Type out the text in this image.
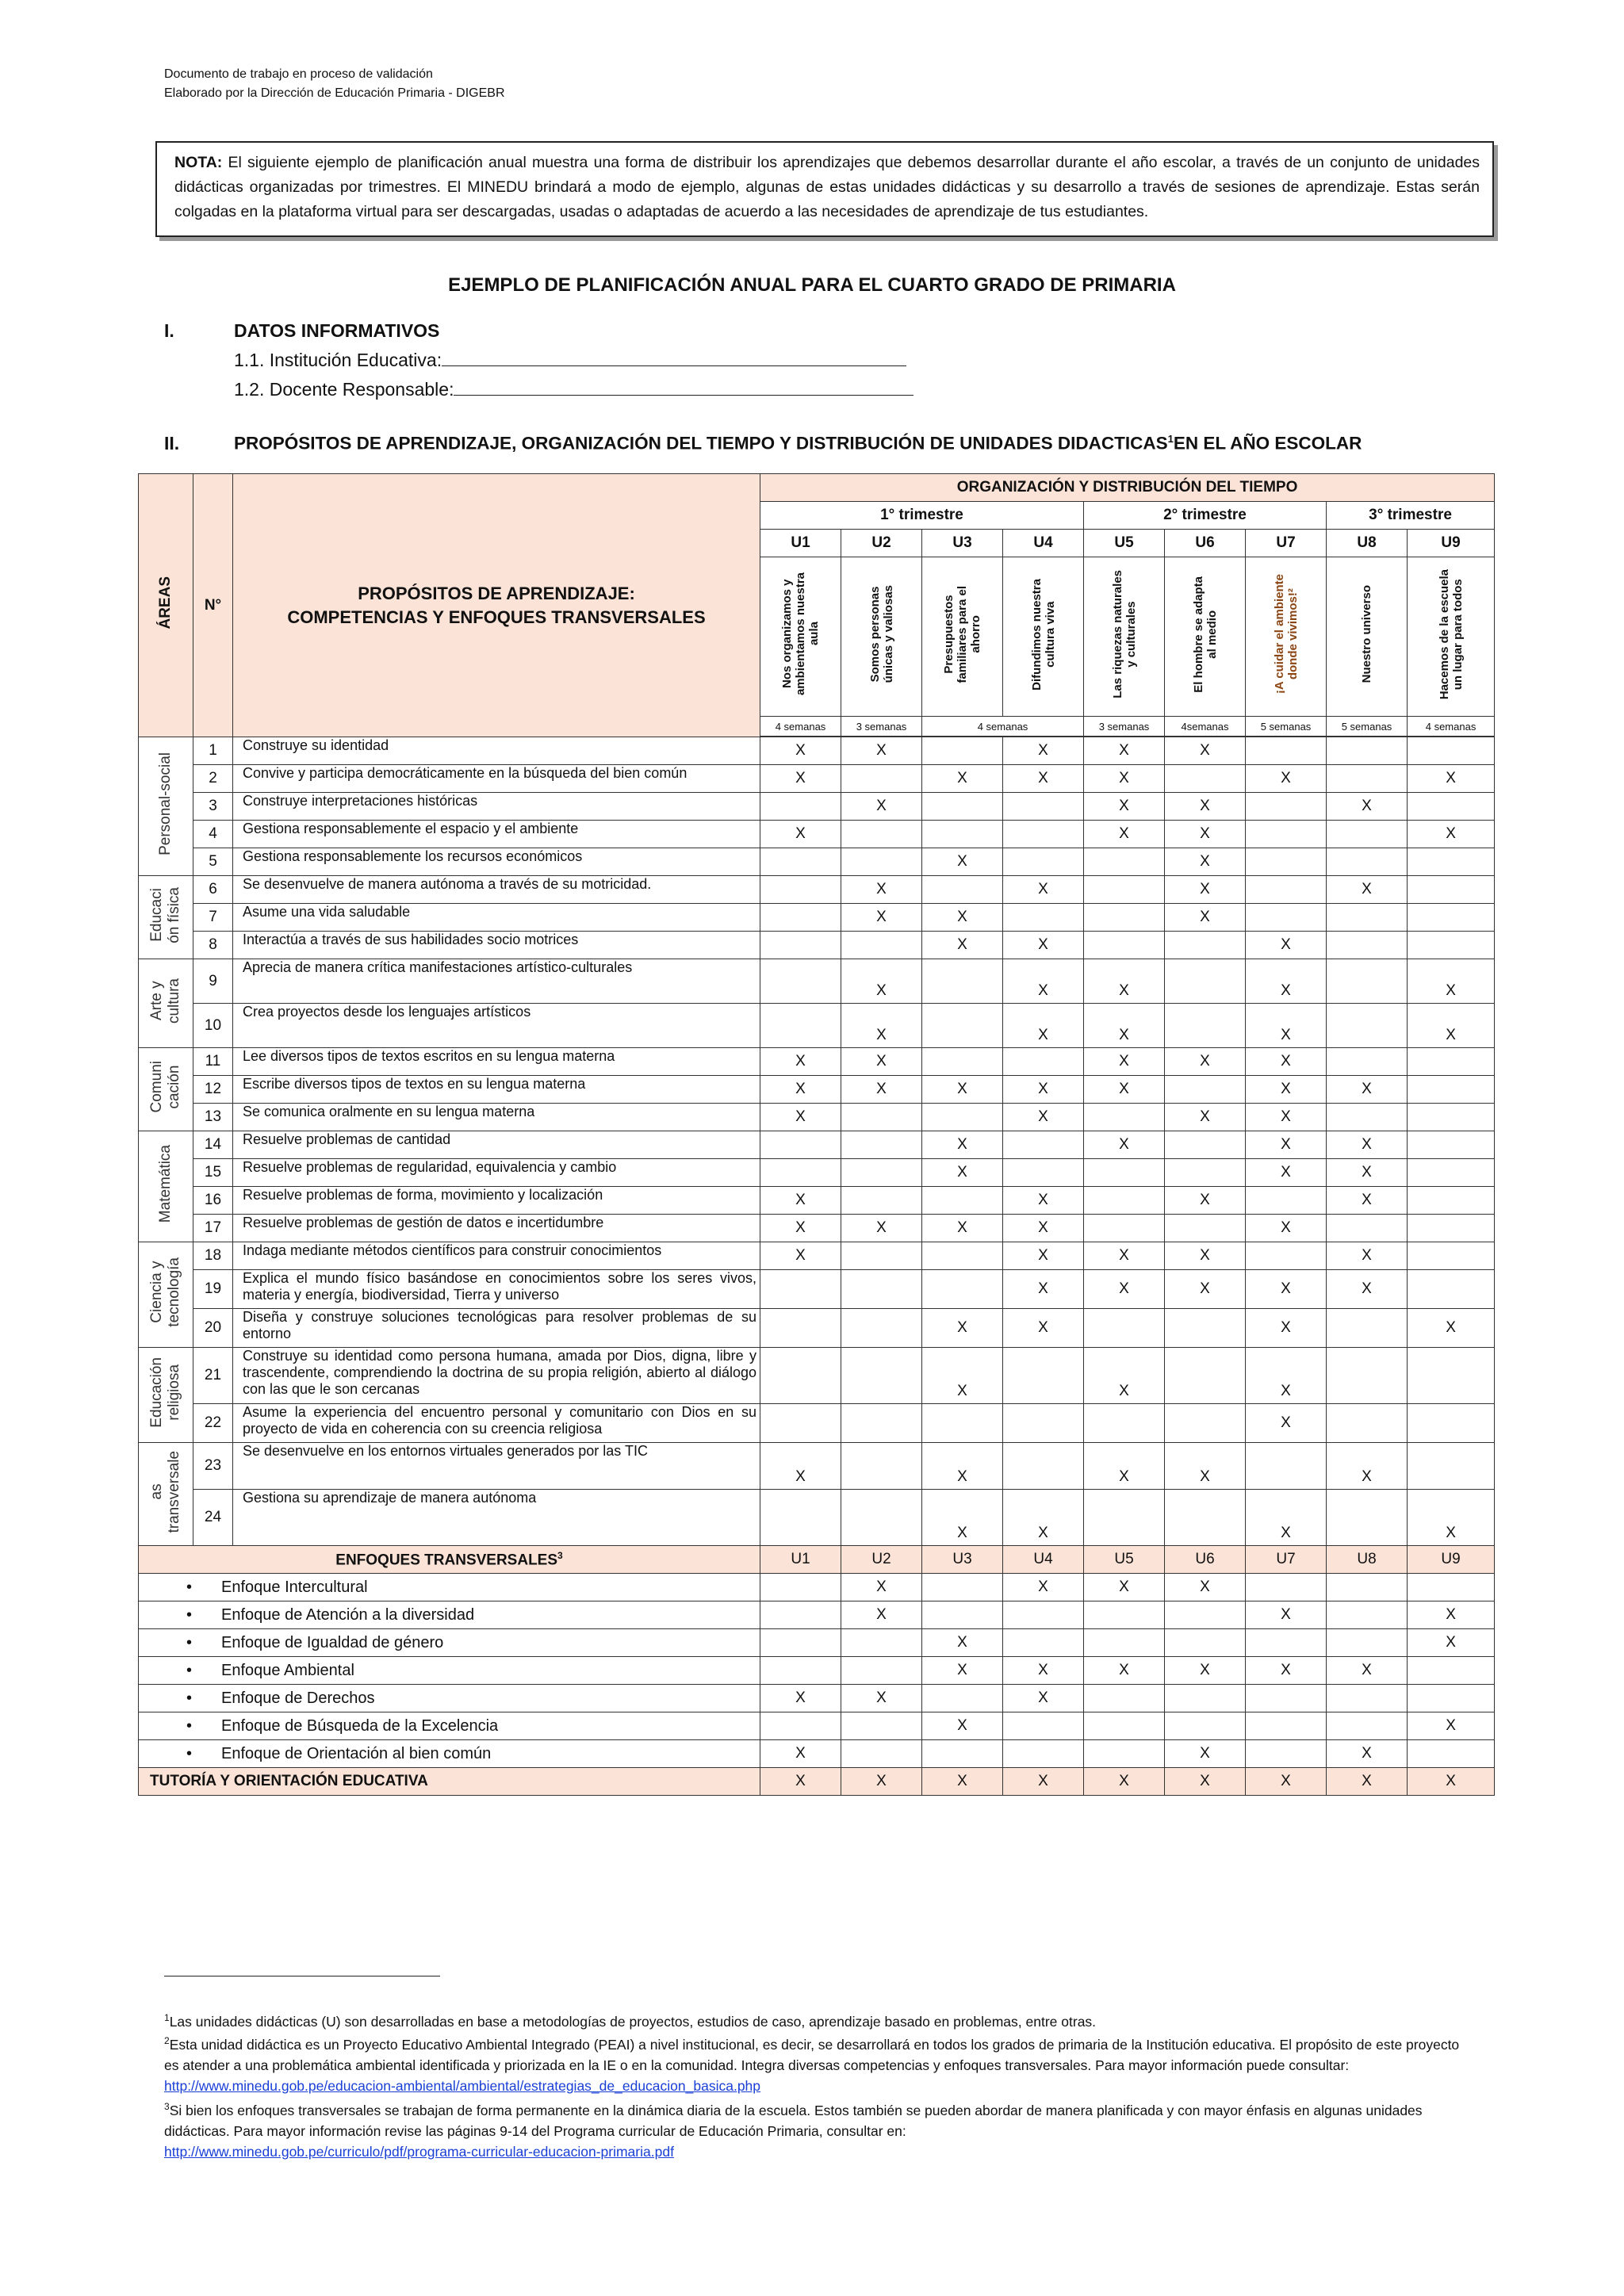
Documento de trabajo en proceso de validación
Elaborado por la Dirección de Educación Primaria - DIGEBR
NOTA: El siguiente ejemplo de planificación anual muestra una forma de distribuir los aprendizajes que debemos desarrollar durante el año escolar, a través de un conjunto de unidades didácticas organizadas por trimestres. El MINEDU brindará a modo de ejemplo, algunas de estas unidades didácticas y su desarrollo a través de sesiones de aprendizaje. Estas serán colgadas en la plataforma virtual para ser descargadas, usadas o adaptadas de acuerdo a las necesidades de aprendizaje de tus estudiantes.
EJEMPLO DE PLANIFICACIÓN ANUAL PARA EL CUARTO GRADO DE PRIMARIA
I.	DATOS INFORMATIVOS
1.1. Institución Educativa:
1.2. Docente Responsable:
II.	PROPÓSITOS DE APRENDIZAJE, ORGANIZACIÓN DEL TIEMPO Y DISTRIBUCIÓN DE UNIDADES DIDACTICAS$^1$EN EL AÑO ESCOLAR
ÁREAS	N°	PROPÓSITOS DE APRENDIZAJE:
COMPETENCIAS Y ENFOQUES TRANSVERSALES	ORGANIZACIÓN Y DISTRIBUCIÓN DEL TIEMPO								
			1° trimestre				2° trimestre			3° trimestre	
			U1	U2	U3	U4	U5	U6	U7	U8	U9
			Nos organizamos y
ambientamos nuestra
aula	Somos personas
únicas y valiosas	Presupuestos
familiares para el
ahorro	Difundimos nuestra
cultura viva	Las riquezas naturales
y culturales	El hombre se adapta
al medio	¡A cuidar el ambiente
donde vivimos!²	Nuestro universo	Hacemos de la escuela
un lugar para todos
			4 semanas	3 semanas	4 semanas		3 semanas	4semanas	5 semanas	5 semanas	4 semanas

Personal-social	1	Construye su identidad	X	X		X	X	X			
	2	Convive y participa democráticamente en la búsqueda del bien común	X		X	X	X		X		X
	3	Construye interpretaciones históricas		X			X	X		X	
	4	Gestiona responsablemente el espacio y el ambiente	X				X	X			X
	5	Gestiona responsablemente los recursos económicos			X			X			
Educaci
ón física	6	Se desenvuelve de manera autónoma a través de su motricidad.		X		X		X		X	
	7	Asume una vida saludable		X	X			X			
	8	Interactúa a través de sus habilidades socio motrices			X	X			X		
Arte y
cultura	9	Aprecia de manera crítica manifestaciones artístico-culturales		X		X	X		X		X
	10	Crea proyectos desde los lenguajes artísticos		X		X	X		X		X
Comuni
cación	11	Lee diversos tipos de textos escritos en su lengua materna	X	X			X	X	X		
	12	Escribe diversos tipos de textos en su lengua materna	X	X	X	X	X		X	X	
	13	Se comunica oralmente en su lengua materna	X			X		X	X		
Matemática	14	Resuelve problemas de cantidad			X		X		X	X	
	15	Resuelve problemas de regularidad, equivalencia y cambio			X				X	X	
	16	Resuelve problemas de forma, movimiento y localización	X			X		X		X	
	17	Resuelve problemas de gestión de datos e incertidumbre	X	X	X	X			X		
Ciencia y
tecnología	18	Indaga mediante métodos científicos para construir conocimientos	X			X	X	X		X	
	19	Explica el mundo físico basándose en conocimientos sobre los seres vivos, materia y energía, biodiversidad, Tierra y universo				X	X	X	X	X	
	20	Diseña y construye soluciones tecnológicas para resolver problemas de su entorno			X	X			X		X
Educación
religiosa	21	Construye su identidad como persona humana, amada por Dios, digna, libre y trascendente, comprendiendo la doctrina de su propia religión, abierto al diálogo con las que le son cercanas			X		X		X		
	22	Asume la experiencia del encuentro personal y comunitario con Dios en su proyecto de vida en coherencia con su creencia religiosa							X		
as
transversale	23	Se desenvuelve en los entornos virtuales generados por las TIC	X		X		X	X		X	
	24	Gestiona su aprendizaje de manera autónoma			X	X			X		X
ENFOQUES TRANSVERSALES$^3$			U1	U2	U3	U4	U5	U6	U7	U8	U9
• Enfoque Intercultural				X		X	X	X			
• Enfoque de Atención a la diversidad				X					X		X
• Enfoque de Igualdad de género					X						X
• Enfoque Ambiental					X	X	X	X	X	X	
• Enfoque de Derechos			X	X		X					
• Enfoque de Búsqueda de la Excelencia					X						X
• Enfoque de Orientación al bien común			X					X		X	
TUTORÍA Y ORIENTACIÓN EDUCATIVA			X	X	X	X	X	X	X	X	X
$^1$Las unidades didácticas (U) son desarrolladas en base a metodologías de proyectos, estudios de caso, aprendizaje basado en problemas, entre otras.
$^2$Esta unidad didáctica es un Proyecto Educativo Ambiental Integrado (PEAI) a nivel institucional, es decir, se desarrollará en todos los grados de primaria de la Institución educativa. El propósito de este proyecto es atender a una problemática ambiental identificada y priorizada en la IE o en la comunidad. Integra diversas competencias y enfoques transversales. Para mayor información puede consultar: http://www.minedu.gob.pe/educacion-ambiental/ambiental/estrategias_de_educacion_basica.php
$^3$Si bien los enfoques transversales se trabajan de forma permanente en la dinámica diaria de la escuela. Estos también se pueden abordar de manera planificada y con mayor énfasis en algunas unidades didácticas. Para mayor información revise las páginas 9-14 del Programa curricular de Educación Primaria, consultar en:
http://www.minedu.gob.pe/curriculo/pdf/programa-curricular-educacion-primaria.pdf
